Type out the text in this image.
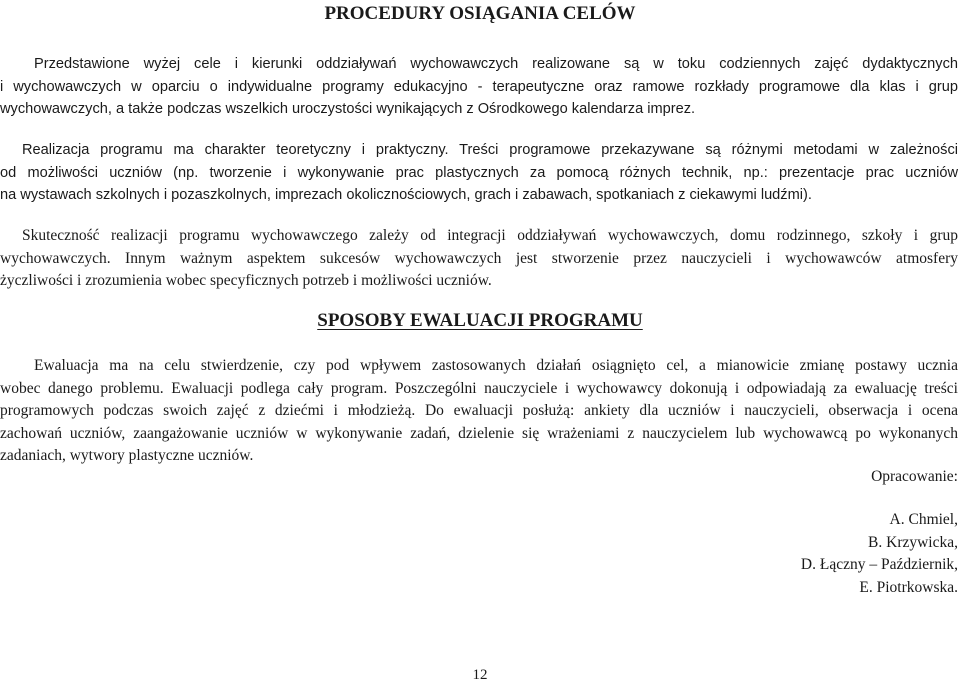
PROCEDURY OSIĄGANIA CELÓW

Przedstawione wyżej cele i kierunki oddziaływań wychowawczych realizowane są w toku codziennych zajęć dydaktycznych
i wychowawczych w oparciu o indywidualne programy edukacyjno - terapeutyczne oraz ramowe rozkłady programowe dla klas i grup
wychowawczych, a także podczas wszelkich uroczystości wynikających z Ośrodkowego kalendarza imprez.

Realizacja programu ma charakter teoretyczny i praktyczny. Treści programowe przekazywane są różnymi metodami w zależności
od możliwości uczniów (np. tworzenie i wykonywanie prac plastycznych za pomocą różnych technik, np.: prezentacje prac uczniów
na wystawach szkolnych i pozaszkolnych, imprezach okolicznościowych, grach i zabawach, spotkaniach z ciekawymi ludźmi).

Skuteczność realizacji programu wychowawczego zależy od integracji oddziaływań wychowawczych, domu rodzinnego, szkoły i grup
wychowawczych. Innym ważnym aspektem sukcesów wychowawczych jest stworzenie przez nauczycieli i wychowawców atmosfery
życzliwości i zrozumienia wobec specyficznych potrzeb i możliwości uczniów.

SPOSOBY EWALUACJI PROGRAMU

Ewaluacja ma na celu stwierdzenie, czy pod wpływem zastosowanych działań osiągnięto cel, a mianowicie zmianę postawy ucznia
wobec danego problemu. Ewaluacji podlega cały program. Poszczególni nauczyciele i wychowawcy dokonują i odpowiadają za ewaluację treści
programowych podczas swoich zajęć z dziećmi i młodzieżą. Do ewaluacji posłużą: ankiety dla uczniów i nauczycieli, obserwacja i ocena
zachowań uczniów, zaangażowanie uczniów w wykonywanie zadań, dzielenie się wrażeniami z nauczycielem lub wychowawcą po wykonanych
zadaniach, wytwory plastyczne uczniów.

Opracowanie:

A. Chmiel,
B. Krzywicka,
D. Łączny – Październik,
E. Piotrkowska.
12
